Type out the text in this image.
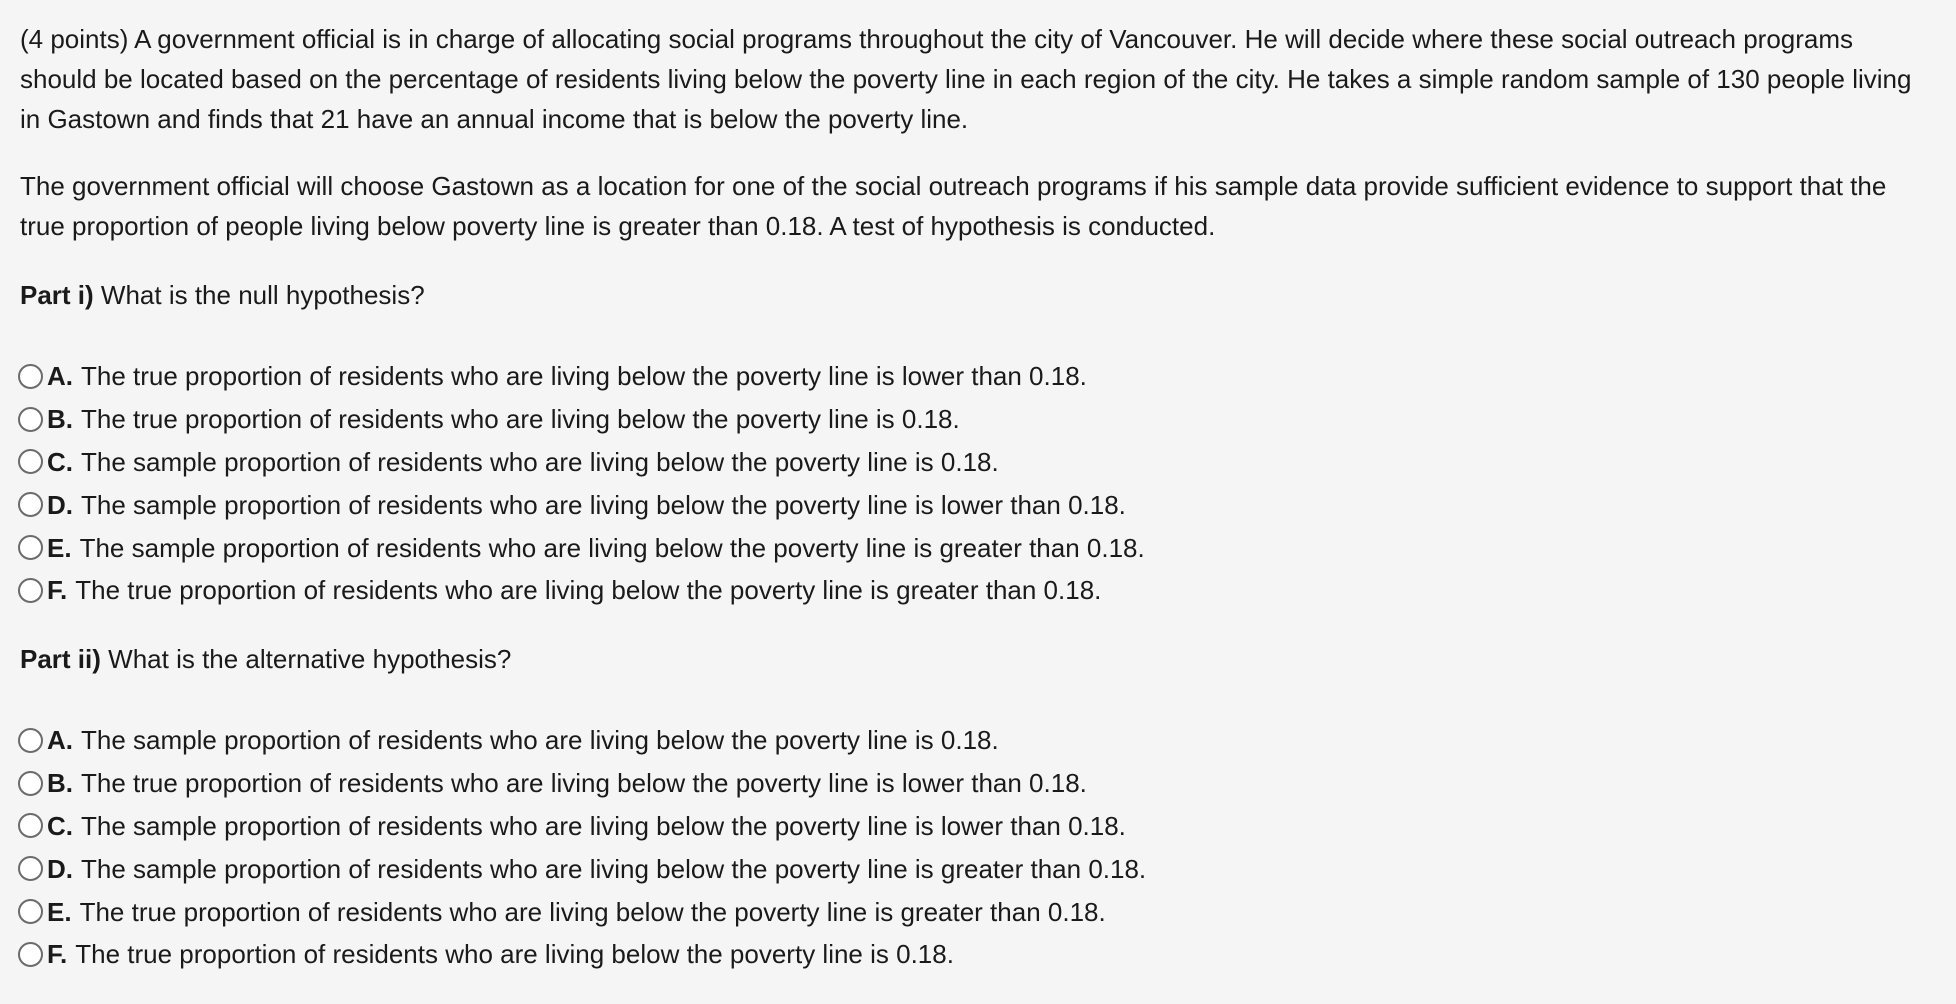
(4 points) A government official is in charge of allocating social programs throughout the city of Vancouver. He will decide where these social outreach programs should be located based on the percentage of residents living below the poverty line in each region of the city. He takes a simple random sample of 130 people living in Gastown and finds that 21 have an annual income that is below the poverty line.

The government official will choose Gastown as a location for one of the social outreach programs if his sample data provide sufficient evidence to support that the true proportion of people living below poverty line is greater than 0.18. A test of hypothesis is conducted.

Part i) What is the null hypothesis?

A. The true proportion of residents who are living below the poverty line is lower than 0.18.
B. The true proportion of residents who are living below the poverty line is 0.18.
C. The sample proportion of residents who are living below the poverty line is 0.18.
D. The sample proportion of residents who are living below the poverty line is lower than 0.18.
E. The sample proportion of residents who are living below the poverty line is greater than 0.18.
F. The true proportion of residents who are living below the poverty line is greater than 0.18.

Part ii) What is the alternative hypothesis?

A. The sample proportion of residents who are living below the poverty line is 0.18.
B. The true proportion of residents who are living below the poverty line is lower than 0.18.
C. The sample proportion of residents who are living below the poverty line is lower than 0.18.
D. The sample proportion of residents who are living below the poverty line is greater than 0.18.
E. The true proportion of residents who are living below the poverty line is greater than 0.18.
F. The true proportion of residents who are living below the poverty line is 0.18.
